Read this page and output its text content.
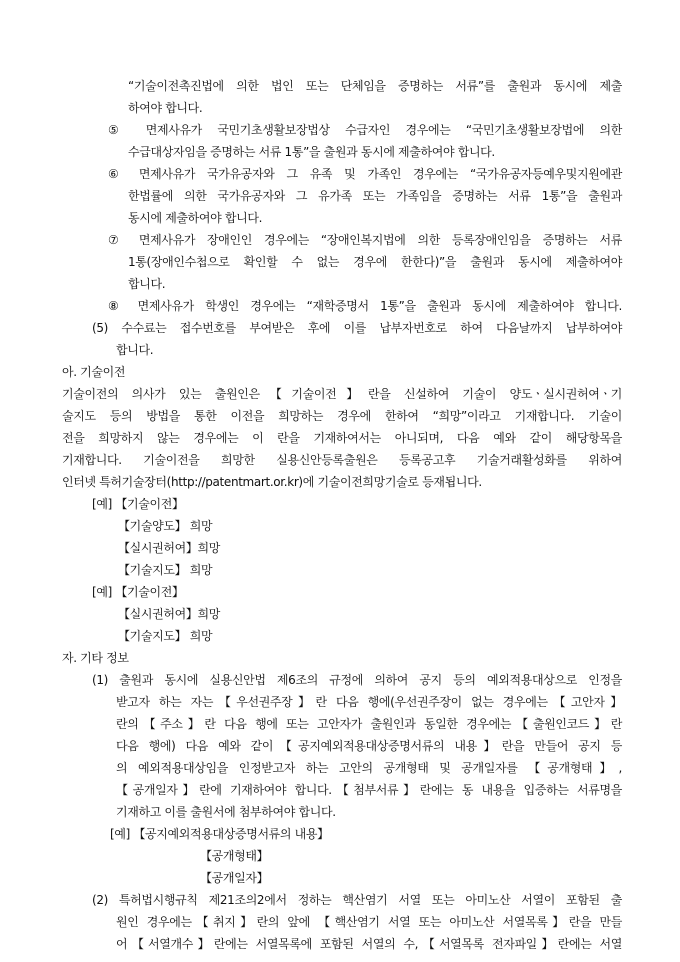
“기술이전촉진법에 의한 법인 또는 단체임을 증명하는 서류”를 출원과 동시에 제출
하여야 합니다.
⑤ 면제사유가 국민기초생활보장법상 수급자인 경우에는 “국민기초생활보장법에 의한
수급대상자임을 증명하는 서류 1통”을 출원과 동시에 제출하여야 합니다.
⑥ 면제사유가 국가유공자와 그 유족 및 가족인 경우에는 “국가유공자등예우및지원에관
한법률에 의한 국가유공자와 그 유가족 또는 가족임을 증명하는 서류 1통”을 출원과
동시에 제출하여야 합니다.
⑦ 면제사유가 장애인인 경우에는 “장애인복지법에 의한 등록장애인임을 증명하는 서류
1통(장애인수첩으로 확인할 수 없는 경우에 한한다)”을 출원과 동시에 제출하여야
합니다.
⑧ 면제사유가 학생인 경우에는 “재학증명서 1통”을 출원과 동시에 제출하여야 합니다.
(5) 수수료는 접수번호를 부여받은 후에 이를 납부자번호로 하여 다음날까지 납부하여야
합니다.
아. 기술이전
기술이전의 의사가 있는 출원인은【기술이전】란을 신설하여 기술이 양도ㆍ실시권허여ㆍ기
술지도 등의 방법을 통한 이전을 희망하는 경우에 한하여 “희망”이라고 기재합니다. 기술이
전을 희망하지 않는 경우에는 이 란을 기재하여서는 아니되며, 다음 예와 같이 해당항목을
기재합니다. 기술이전을 희망한 실용신안등록출원은 등록공고후 기술거래활성화를 위하여
인터넷 특허기술장터(http://patentmart.or.kr)에 기술이전희망기술로 등재됩니다.
[예] 【기술이전】
【기술양도】 희망
【실시권허여】희망
【기술지도】 희망
[예] 【기술이전】
【실시권허여】희망
【기술지도】 희망
자. 기타 정보
(1) 출원과 동시에 실용신안법 제6조의 규정에 의하여 공지 등의 예외적용대상으로 인정을
받고자 하는 자는【우선권주장】란 다음 행에(우선권주장이 없는 경우에는【고안자】
란의【주소】란 다음 행에 또는 고안자가 출원인과 동일한 경우에는【출원인코드】란
다음 행에) 다음 예와 같이【공지예외적용대상증명서류의 내용】란을 만들어 공지 등
의 예외적용대상임을 인정받고자 하는 고안의 공개형태 및 공개일자를 【공개형태】,
【공개일자】란에 기재하여야 합니다.【첨부서류】란에는 동 내용을 입증하는 서류명을
기재하고 이를 출원서에 첨부하여야 합니다.
[예] 【공지예외적용대상증명서류의 내용】
【공개형태】
【공개일자】
(2) 특허법시행규칙 제21조의2에서 정하는 핵산염기 서열 또는 아미노산 서열이 포함된 출
원인 경우에는【취지】란의 앞에 【핵산염기 서열 또는 아미노산 서열목록】란을 만들
어【서열개수】란에는 서열목록에 포함된 서열의 수,【서열목록 전자파일】란에는 서열
